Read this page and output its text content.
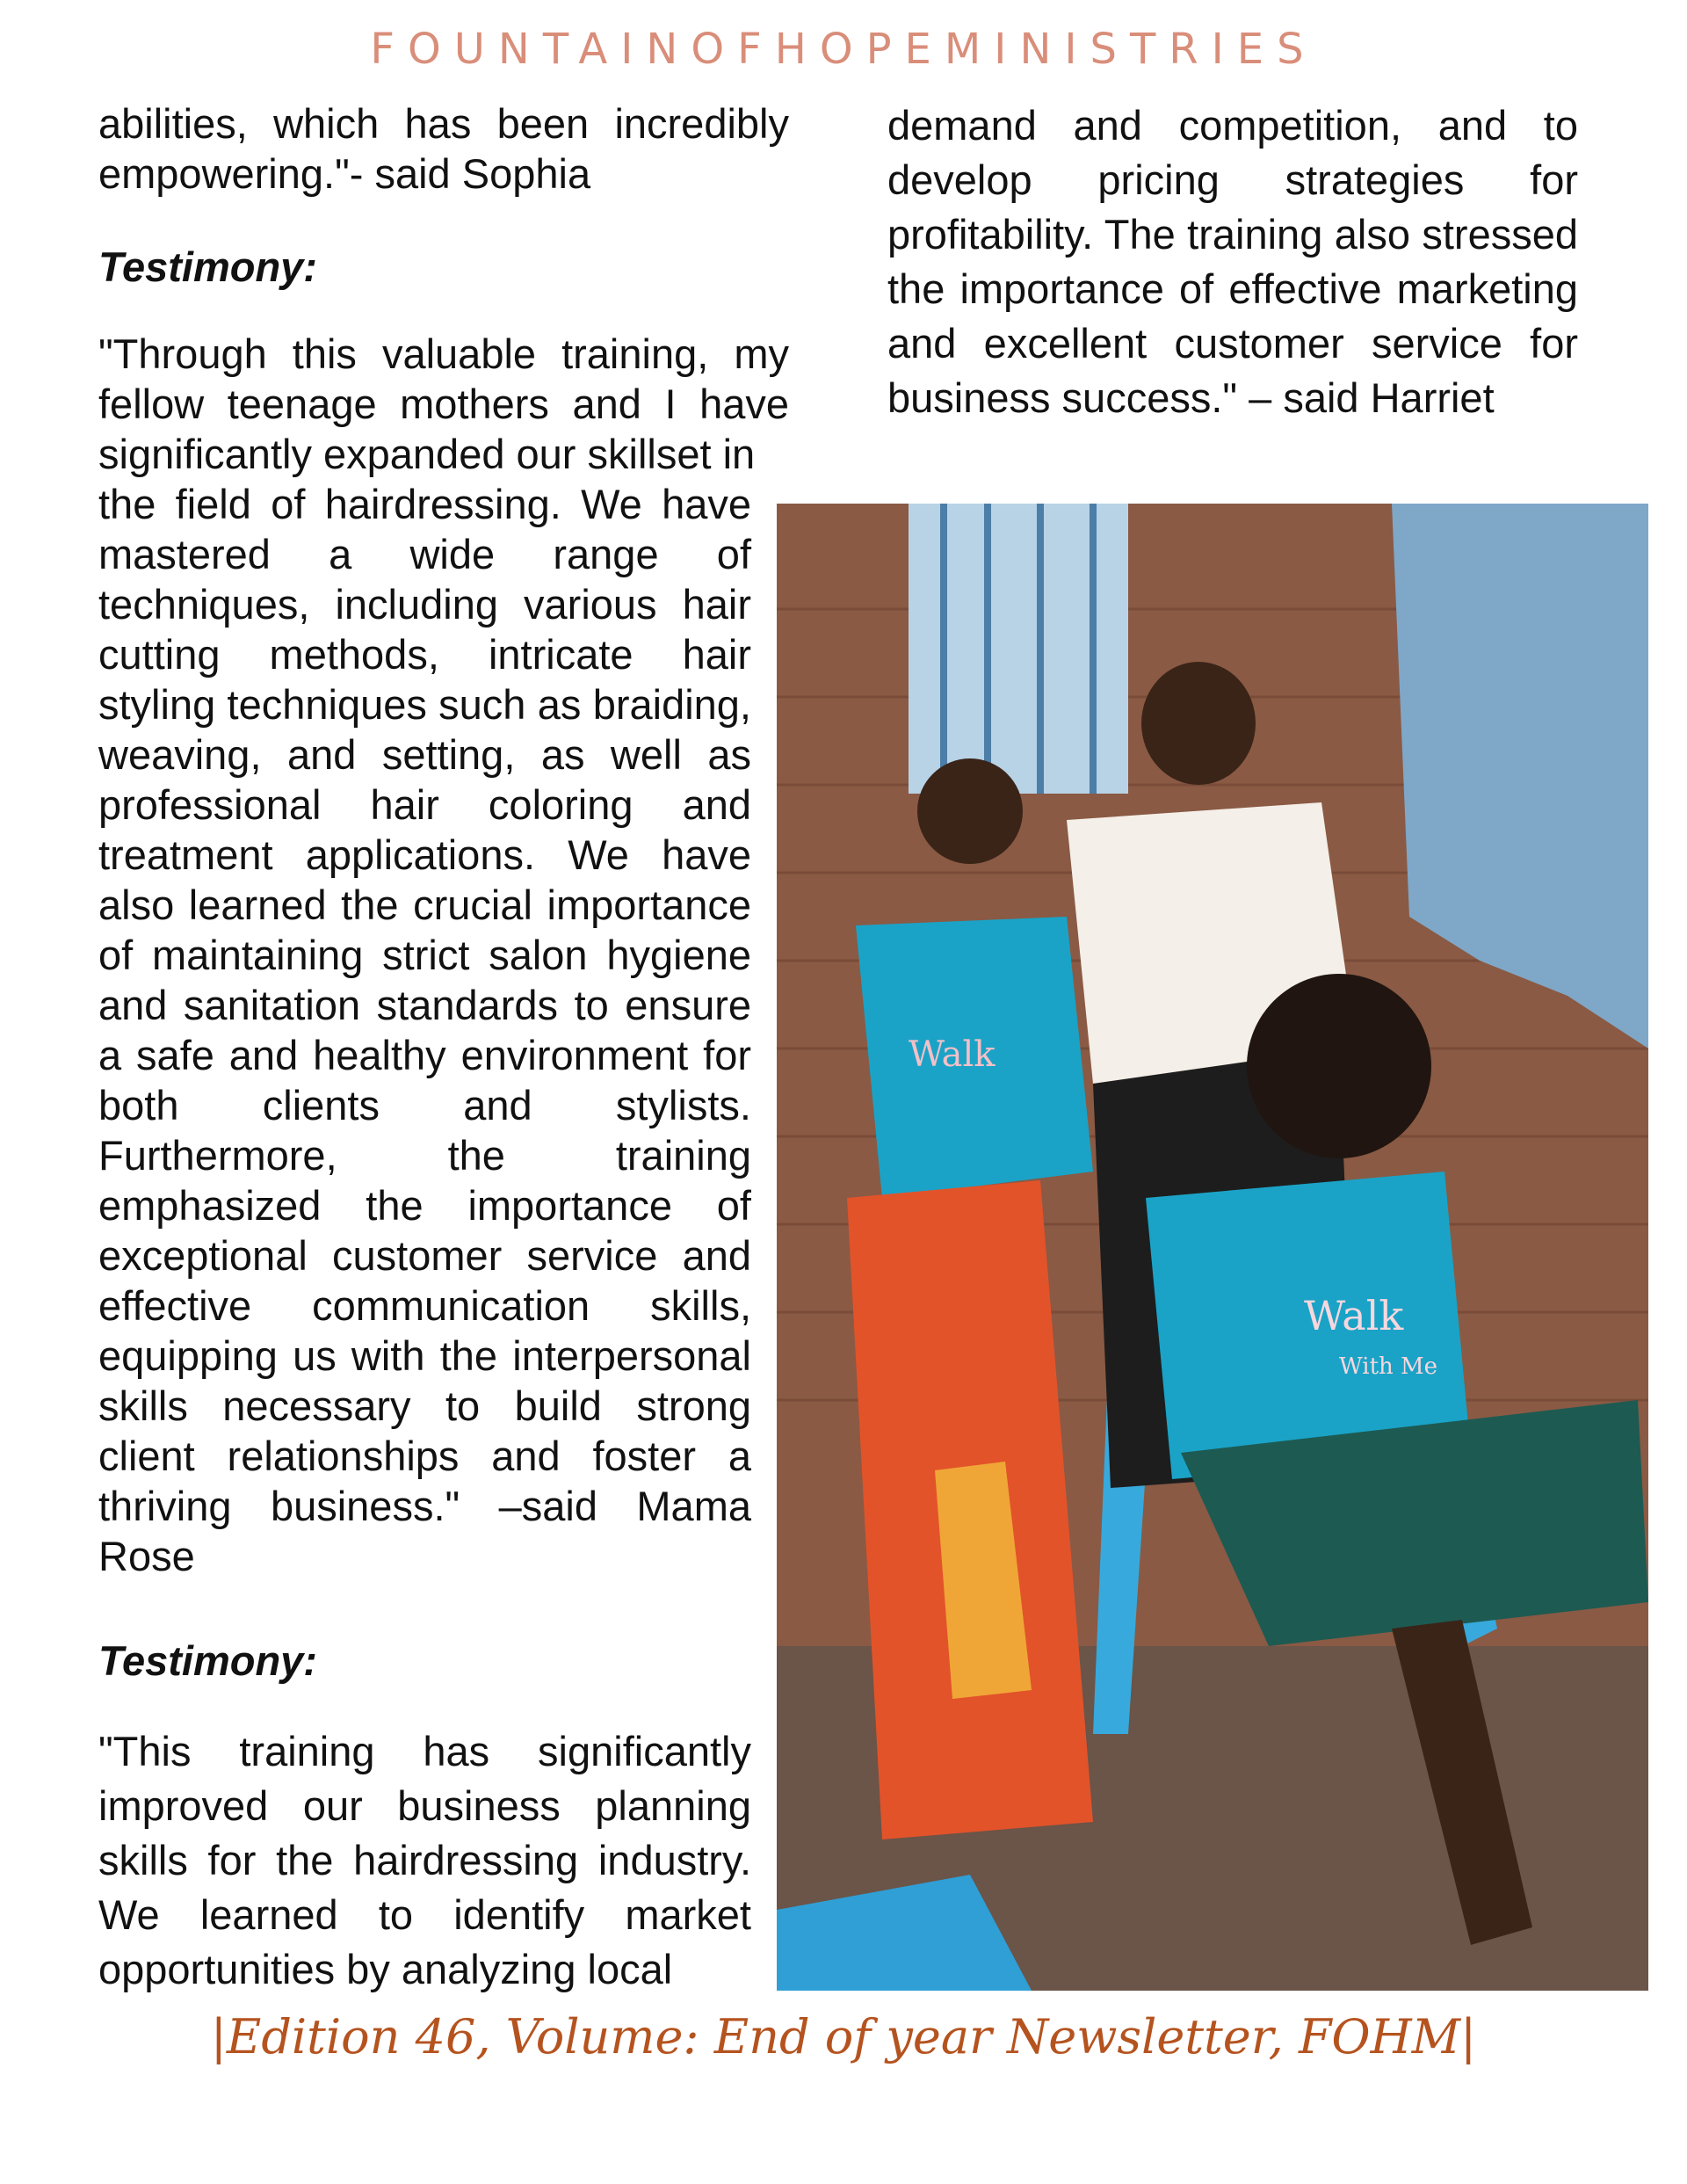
FOUNTAINOFHOPEMINISTRIES

abilities, which has been incredibly empowering."- said Sophia

Testimony:

"Through this valuable training, my fellow teenage mothers and I have significantly expanded our skillset in

the field of hairdressing. We have mastered a wide range of techniques, including various hair cutting methods, intricate hair styling techniques such as braiding, weaving, and setting, as well as professional hair coloring and treatment applications. We have also learned the crucial importance of maintaining strict salon hygiene and sanitation standards to ensure a safe and healthy environment for both clients and stylists. Furthermore, the training emphasized the importance of exceptional customer service and effective communication skills, equipping us with the interpersonal skills necessary to build strong client relationships and foster a thriving business." –said Mama Rose

Testimony:

"This training has significantly improved our business planning skills for the hairdressing industry. We learned to identify market opportunities by analyzing local

demand and competition, and to develop pricing strategies for profitability. The training also stressed the importance of effective marketing and excellent customer service for business success." – said Harriet

Walk
Walk
With Me
|Edition 46, Volume: End of year Newsletter, FOHM|
